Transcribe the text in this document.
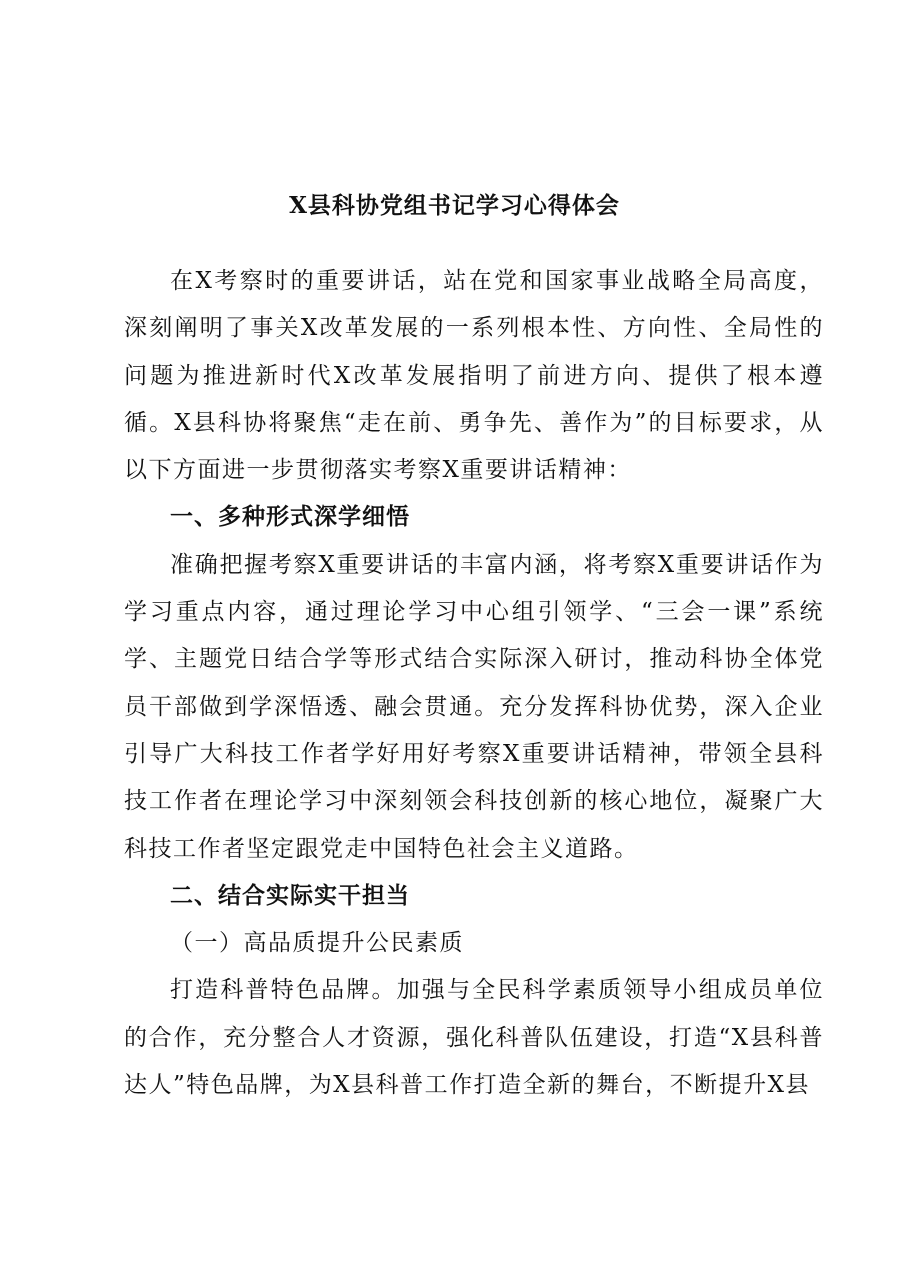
X县科协党组书记学习心得体会

在X考察时的重要讲话，站在党和国家事业战略全局高度，深刻阐明了事关X改革发展的一系列根本性、方向性、全局性的问题为推进新时代X改革发展指明了前进方向、提供了根本遵循。X县科协将聚焦“走在前、勇争先、善作为”的目标要求，从以下方面进一步贯彻落实考察X重要讲话精神：

一、多种形式深学细悟

准确把握考察X重要讲话的丰富内涵，将考察X重要讲话作为学习重点内容，通过理论学习中心组引领学、“三会一课”系统学、主题党日结合学等形式结合实际深入研讨，推动科协全体党员干部做到学深悟透、融会贯通。充分发挥科协优势，深入企业引导广大科技工作者学好用好考察X重要讲话精神，带领全县科技工作者在理论学习中深刻领会科技创新的核心地位，凝聚广大科技工作者坚定跟党走中国特色社会主义道路。

二、结合实际实干担当

（一）高品质提升公民素质

打造科普特色品牌。加强与全民科学素质领导小组成员单位的合作，充分整合人才资源，强化科普队伍建设，打造“X县科普达人”特色品牌，为X县科普工作打造全新的舞台，不断提升X县
